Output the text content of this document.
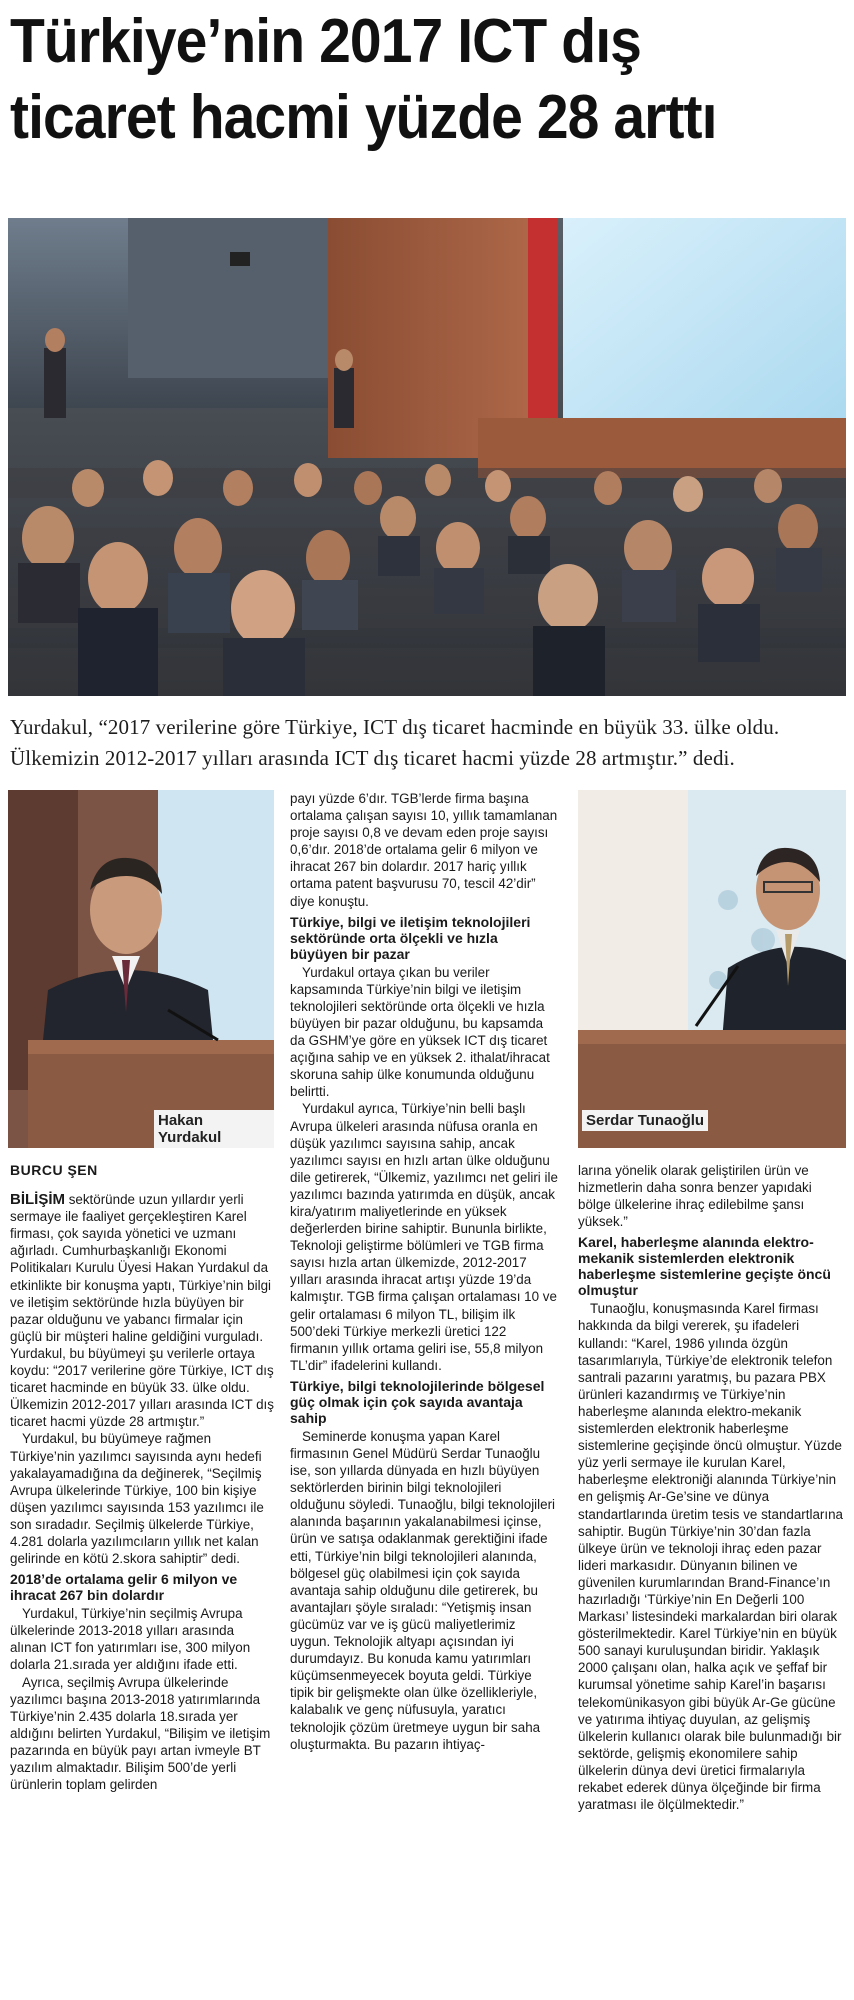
Türkiye’nin 2017 ICT dış
ticaret hacmi yüzde 28 arttı
Yurdakul, “2017 verilerine göre Türkiye, ICT dış ticaret hacminde en büyük 33. ülke oldu. Ülkemizin 2012-2017 yılları arasında ICT dış ticaret hacmi yüzde 28 artmıştır.” dedi.
Hakan Yurdakul
Serdar Tunaoğlu
BURCU ŞEN

BİLİŞİM sektöründe uzun yıllardır yerli sermaye ile faaliyet gerçekleştiren Karel firması, çok sayıda yönetici ve uzmanı ağırladı. Cumhurbaşkanlığı Ekonomi Politikaları Kurulu Üyesi Hakan Yurdakul da etkinlikte bir konuşma yaptı, Türkiye’nin bilgi ve iletişim sektöründe hızla büyüyen bir pazar olduğunu ve yabancı firmalar için güçlü bir müşteri haline geldiğini vurguladı. Yurdakul, bu büyümeyi şu verilerle ortaya koydu: “2017 verilerine göre Türkiye, ICT dış ticaret hacminde en büyük 33. ülke oldu. Ülkemizin 2012-2017 yılları arasında ICT dış ticaret hacmi yüzde 28 artmıştır.”

Yurdakul, bu büyümeye rağmen Türkiye’nin yazılımcı sayısında aynı hedefi yakalayamadığına da değinerek, “Seçilmiş Avrupa ülkelerinde Türkiye, 100 bin kişiye düşen yazılımcı sayısında 153 yazılımcı ile son sıradadır. Seçilmiş ülkelerde Türkiye, 4.281 dolarla yazılımcıların yıllık net kalan gelirinde en kötü 2.skora sahiptir” dedi.

2018’de ortalama gelir 6 milyon ve ihracat 267 bin dolardır

Yurdakul, Türkiye’nin seçilmiş Avrupa ülkelerinde 2013-2018 yılları arasında alınan ICT fon yatırımları ise, 300 milyon dolarla 21.sırada yer aldığını ifade etti.

Ayrıca, seçilmiş Avrupa ülkelerinde yazılımcı başına 2013-2018 yatırımlarında Türkiye’nin 2.435 dolarla 18.sırada yer aldığını belirten Yurdakul, “Bilişim ve iletişim pazarında en büyük payı artan ivmeyle BT yazılım almaktadır. Bilişim 500’de yerli ürünlerin toplam gelirden

payı yüzde 6’dır. TGB’lerde firma başına ortalama çalışan sayısı 10, yıllık tamamlanan proje sayısı 0,8 ve devam eden proje sayısı 0,6’dır. 2018’de ortalama gelir 6 milyon ve ihracat 267 bin dolardır. 2017 hariç yıllık ortama patent başvurusu 70, tescil 42’dir” diye konuştu.

Türkiye, bilgi ve iletişim teknolojileri sektöründe orta ölçekli ve hızla büyüyen bir pazar

Yurdakul ortaya çıkan bu veriler kapsamında Türkiye’nin bilgi ve iletişim teknolojileri sektöründe orta ölçekli ve hızla büyüyen bir pazar olduğunu, bu kapsamda da GSHM’ye göre en yüksek ICT dış ticaret açığına sahip ve en yüksek 2. ithalat/ihracat skoruna sahip ülke konumunda olduğunu belirtti.

Yurdakul ayrıca, Türkiye’nin belli başlı Avrupa ülkeleri arasında nüfusa oranla en düşük yazılımcı sayısına sahip, ancak yazılımcı sayısı en hızlı artan ülke olduğunu dile getirerek, “Ülkemiz, yazılımcı net geliri ile yazılımcı bazında yatırımda en düşük, ancak kira/yatırım maliyetlerinde en yüksek değerlerden birine sahiptir. Bununla birlikte, Teknoloji geliştirme bölümleri ve TGB firma sayısı hızla artan ülkemizde, 2012-2017 yılları arasında ihracat artışı yüzde 19’da kalmıştır. TGB firma çalışan ortalaması 10 ve gelir ortalaması 6 milyon TL, bilişim ilk 500’deki Türkiye merkezli üretici 122 firmanın yıllık ortama geliri ise, 55,8 milyon TL’dir” ifadelerini kullandı.

Türkiye, bilgi teknolojilerinde bölgesel güç olmak için çok sayıda avantaja sahip

Seminerde konuşma yapan Karel firmasının Genel Müdürü Serdar Tunaoğlu ise, son yıllarda dünyada en hızlı büyüyen sektörlerden birinin bilgi teknolojileri olduğunu söyledi. Tunaoğlu, bilgi teknolojileri alanında başarının yakalanabilmesi içinse, ürün ve satışa odaklanmak gerektiğini ifade etti, Türkiye’nin bilgi teknolojileri alanında, bölgesel güç olabilmesi için çok sayıda avantaja sahip olduğunu dile getirerek, bu avantajları şöyle sıraladı: “Yetişmiş insan gücümüz var ve iş gücü maliyetlerimiz uygun. Teknolojik altyapı açısından iyi durumdayız. Bu konuda kamu yatırımları küçümsenmeyecek boyuta geldi. Türkiye tipik bir gelişmekte olan ülke özellikleriyle, kalabalık ve genç nüfusuyla, yaratıcı teknolojik çözüm üretmeye uygun bir saha oluşturmakta. Bu pazarın ihtiyaç-

larına yönelik olarak geliştirilen ürün ve hizmetlerin daha sonra benzer yapıdaki bölge ülkelerine ihraç edilebilme şansı yüksek.”

Karel, haberleşme alanında elektro-mekanik sistemlerden elektronik haberleşme sistemlerine geçişte öncü olmuştur

Tunaoğlu, konuşmasında Karel firması hakkında da bilgi vererek, şu ifadeleri kullandı: “Karel, 1986 yılında özgün tasarımlarıyla, Türkiye’de elektronik telefon santrali pazarını yaratmış, bu pazara PBX ürünleri kazandırmış ve Türkiye’nin haberleşme alanında elektro-mekanik sistemlerden elektronik haberleşme sistemlerine geçişinde öncü olmuştur. Yüzde yüz yerli sermaye ile kurulan Karel, haberleşme elektroniği alanında Türkiye’nin en gelişmiş Ar-Ge’sine ve dünya standartlarında üretim tesis ve standartlarına sahiptir. Bugün Türkiye’nin 30’dan fazla ülkeye ürün ve teknoloji ihraç eden pazar lideri markasıdır. Dünyanın bilinen ve güvenilen kurumlarından Brand-Finance’ın hazırladığı ‘Türkiye’nin En Değerli 100 Markası’ listesindeki markalardan biri olarak gösterilmektedir. Karel Türkiye’nin en büyük 500 sanayi kuruluşundan biridir. Yaklaşık 2000 çalışanı olan, halka açık ve şeffaf bir kurumsal yönetime sahip Karel’in başarısı telekomünikasyon gibi büyük Ar-Ge gücüne ve yatırıma ihtiyaç duyulan, az gelişmiş ülkelerin kullanıcı olarak bile bulunmadığı bir sektörde, gelişmiş ekonomilere sahip ülkelerin dünya devi üretici firmalarıyla rekabet ederek dünya ölçeğinde bir firma yaratması ile ölçülmektedir.”
